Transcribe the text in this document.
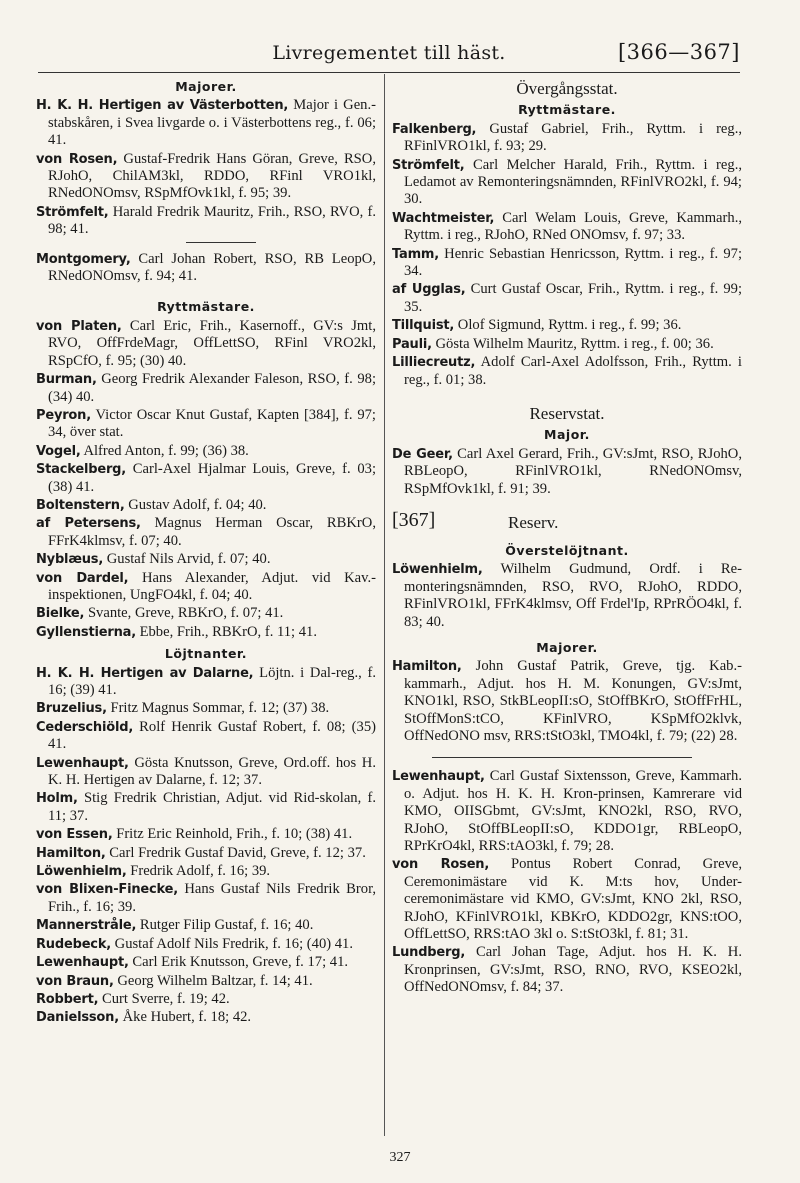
Livregementet till häst.	[366—367]
Majorer.
H. K. H. Hertigen av Västerbotten, Major i Gen.-stabskåren, i Svea livgarde o. i Västerbottens reg., f. 06; 41.
von Rosen, Gustaf-Fredrik Hans Göran, Greve, RSO, RJohO, ChilAM3kl, RDDO, RFinl VRO1kl, RNedONOmsv, RSpMfOvk1kl, f. 95; 39.
Strömfelt, Harald Fredrik Mauritz, Frih., RSO, RVO, f. 98; 41.
Montgomery, Carl Johan Robert, RSO, RB LeopO, RNedONOmsv, f. 94; 41.
Ryttmästare.
von Platen, Carl Eric, Frih., Kasernoff., GV:s Jmt, RVO, OffFrdeMagr, OffLettSO, RFinl VRO2kl, RSpCfO, f. 95; (30) 40.
Burman, Georg Fredrik Alexander Faleson, RSO, f. 98; (34) 40.
Peyron, Victor Oscar Knut Gustaf, Kapten [384], f. 97; 34, över stat.
Vogel, Alfred Anton, f. 99; (36) 38.
Stackelberg, Carl-Axel Hjalmar Louis, Greve, f. 03; (38) 41.
Boltenstern, Gustav Adolf, f. 04; 40.
af Petersens, Magnus Herman Oscar, RBKrO, FFrK4klmsv, f. 07; 40.
Nyblæus, Gustaf Nils Arvid, f. 07; 40.
von Dardel, Hans Alexander, Adjut. vid Kav.-inspektionen, UngFO4kl, f. 04; 40.
Bielke, Svante, Greve, RBKrO, f. 07; 41.
Gyllenstierna, Ebbe, Frih., RBKrO, f. 11; 41.
Löjtnanter.
H. K. H. Hertigen av Dalarne, Löjtn. i Dal-reg., f. 16; (39) 41.
Bruzelius, Fritz Magnus Sommar, f. 12; (37) 38.
Cederschiöld, Rolf Henrik Gustaf Robert, f. 08; (35) 41.
Lewenhaupt, Gösta Knutsson, Greve, Ord.off. hos H. K. H. Hertigen av Dalarne, f. 12; 37.
Holm, Stig Fredrik Christian, Adjut. vid Rid-skolan, f. 11; 37.
von Essen, Fritz Eric Reinhold, Frih., f. 10; (38) 41.
Hamilton, Carl Fredrik Gustaf David, Greve, f. 12; 37.
Löwenhielm, Fredrik Adolf, f. 16; 39.
von Blixen-Finecke, Hans Gustaf Nils Fredrik Bror, Frih., f. 16; 39.
Mannerstråle, Rutger Filip Gustaf, f. 16; 40.
Rudebeck, Gustaf Adolf Nils Fredrik, f. 16; (40) 41.
Lewenhaupt, Carl Erik Knutsson, Greve, f. 17; 41.
von Braun, Georg Wilhelm Baltzar, f. 14; 41.
Robbert, Curt Sverre, f. 19; 42.
Danielsson, Åke Hubert, f. 18; 42.
Övergångsstat.
Ryttmästare.
Falkenberg, Gustaf Gabriel, Frih., Ryttm. i reg., RFinlVRO1kl, f. 93; 29.
Strömfelt, Carl Melcher Harald, Frih., Ryttm. i reg., Ledamot av Remonteringsnämnden, RFinlVRO2kl, f. 94; 30.
Wachtmeister, Carl Welam Louis, Greve, Kammarh., Ryttm. i reg., RJohO, RNed ONOmsv, f. 97; 33.
Tamm, Henric Sebastian Henricsson, Ryttm. i reg., f. 97; 34.
af Ugglas, Curt Gustaf Oscar, Frih., Ryttm. i reg., f. 99; 35.
Tillquist, Olof Sigmund, Ryttm. i reg., f. 99; 36.
Pauli, Gösta Wilhelm Mauritz, Ryttm. i reg., f. 00; 36.
Lilliecreutz, Adolf Carl-Axel Adolfsson, Frih., Ryttm. i reg., f. 01; 38.
Reservstat.
Major.
De Geer, Carl Axel Gerard, Frih., GV:sJmt, RSO, RJohO, RBLeopO, RFinlVRO1kl, RNedONOmsv, RSpMfOvk1kl, f. 91; 39.
[367]	Reserv.
Överstelöjtnant.
Löwenhielm, Wilhelm Gudmund, Ordf. i Re-monteringsnämnden, RSO, RVO, RJohO, RDDO, RFinlVRO1kl, FFrK4klmsv, Off Frdel'Ip, RPrRÖO4kl, f. 83; 40.
Majorer.
Hamilton, John Gustaf Patrik, Greve, tjg. Kab.-kammarh., Adjut. hos H. M. Konungen, GV:sJmt, KNO1kl, RSO, StkBLeopII:sO, StOffBKrO, StOffFrHL, StOffMonS:tCO, KFinlVRO, KSpMfO2klvk, OffNedONO msv, RRS:tStO3kl, TMO4kl, f. 79; (22) 28.
Lewenhaupt, Carl Gustaf Sixtensson, Greve, Kammarh. o. Adjut. hos H. K. H. Kron-prinsen, Kamrerare vid KMO, OIISGbmt, GV:sJmt, KNO2kl, RSO, RVO, RJohO, StOffBLeopII:sO, KDDO1gr, RBLeopO, RPrKrO4kl, RRS:tAO3kl, f. 79; 28.
von Rosen, Pontus Robert Conrad, Greve, Ceremonimästare vid K. M:ts hov, Under-ceremonimästare vid KMO, GV:sJmt, KNO 2kl, RSO, RJohO, KFinlVRO1kl, KBKrO, KDDO2gr, KNS:tOO, OffLettSO, RRS:tAO 3kl o. S:tStO3kl, f. 81; 31.
Lundberg, Carl Johan Tage, Adjut. hos H. K. H. Kronprinsen, GV:sJmt, RSO, RNO, RVO, KSEO2kl, OffNedONOmsv, f. 84; 37.
327
